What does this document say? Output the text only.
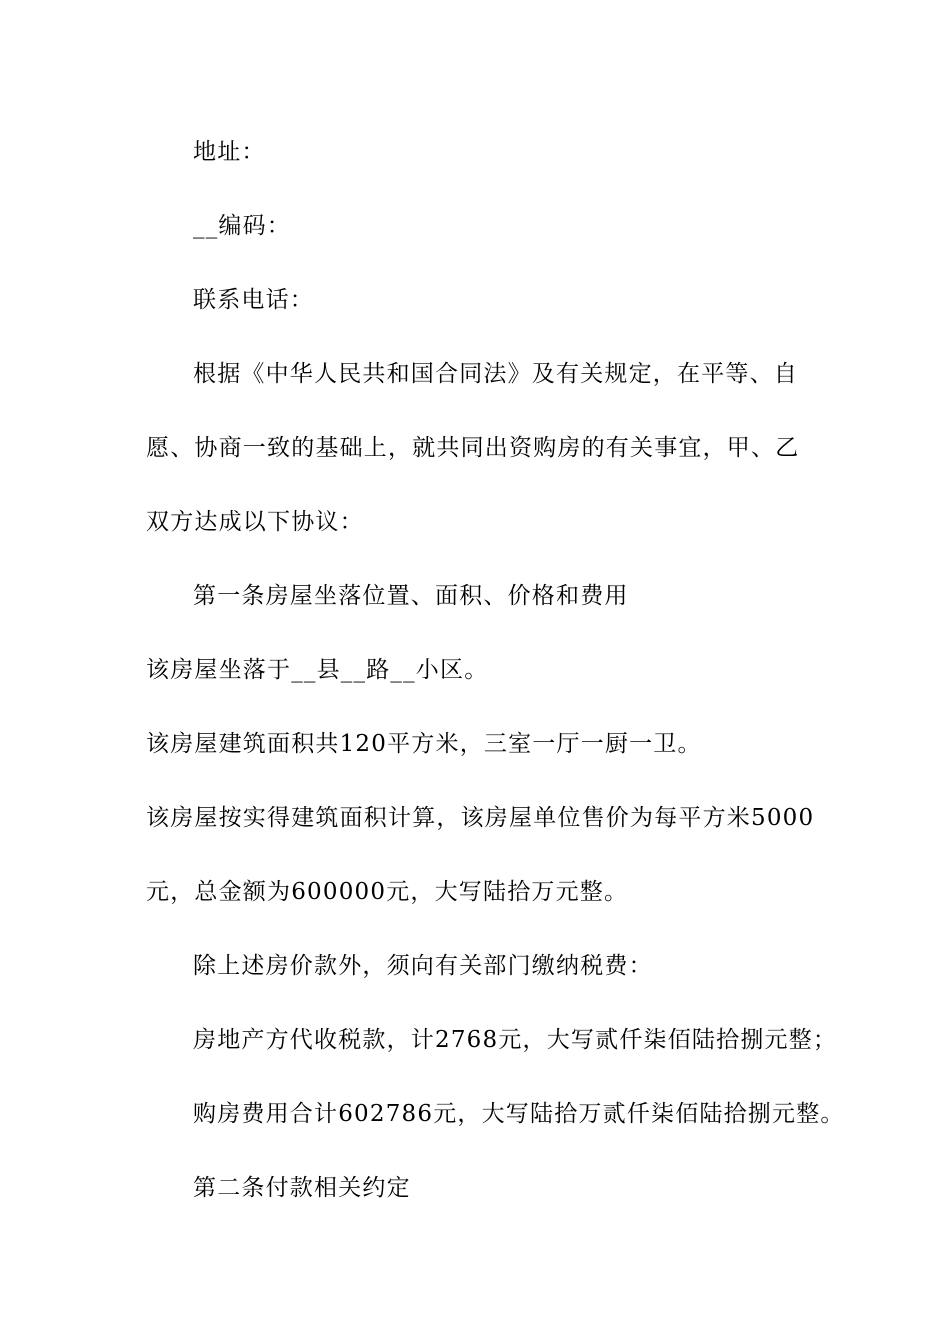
地址：
__编码：
联系电话：
根据《中华人民共和国合同法》及有关规定，在平等、自
愿、协商一致的基础上，就共同出资购房的有关事宜，甲、乙
双方达成以下协议：
第一条房屋坐落位置、面积、价格和费用
该房屋坐落于__县__路__小区。
该房屋建筑面积共120平方米，三室一厅一厨一卫。
该房屋按实得建筑面积计算，该房屋单位售价为每平方米5000
元，总金额为600000元，大写陆拾万元整。
除上述房价款外，须向有关部门缴纳税费：
房地产方代收税款，计2768元，大写贰仟柒佰陆拾捌元整；
购房费用合计602786元，大写陆拾万贰仟柒佰陆拾捌元整。
第二条付款相关约定
